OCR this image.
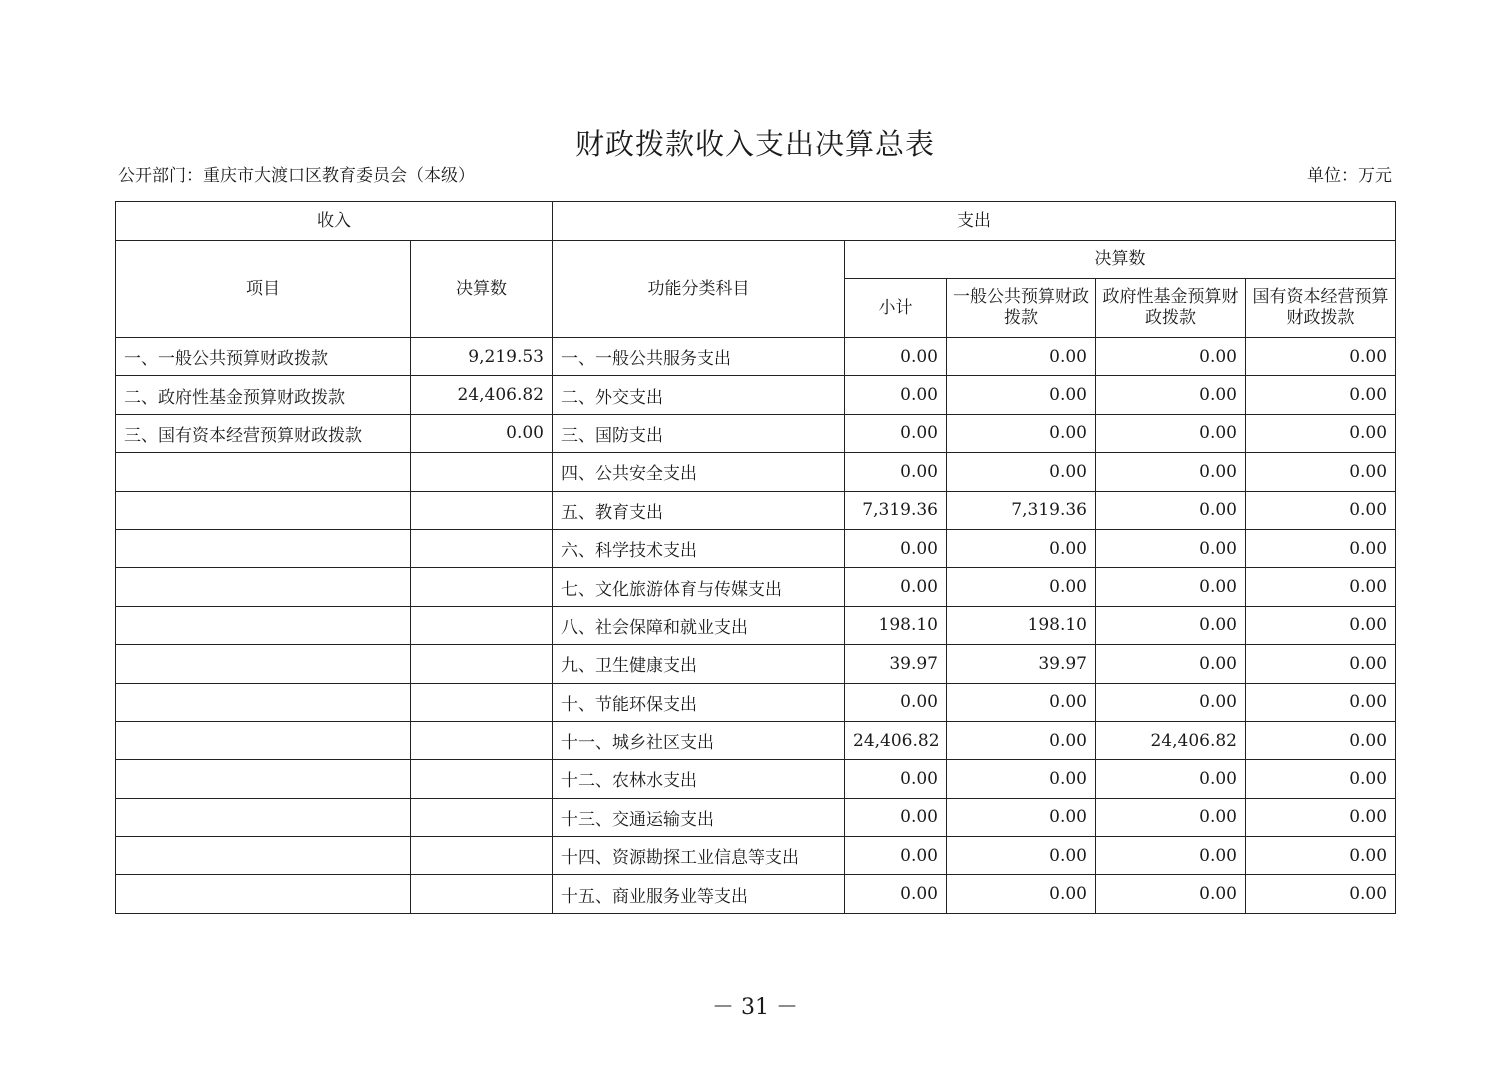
财政拨款收入支出决算总表
公开部门：重庆市大渡口区教育委员会（本级）	单位：万元
收入		支出				
项目	决算数	功能分类科目	决算数			
			小计	一般公共预算财政拨款	政府性基金预算财政拨款	国有资本经营预算财政拨款
一、一般公共预算财政拨款	9,219.53	一、一般公共服务支出	0.00	0.00	0.00	0.00
二、政府性基金预算财政拨款	24,406.82	二、外交支出	0.00	0.00	0.00	0.00
三、国有资本经营预算财政拨款	0.00	三、国防支出	0.00	0.00	0.00	0.00
		四、公共安全支出	0.00	0.00	0.00	0.00
		五、教育支出	7,319.36	7,319.36	0.00	0.00
		六、科学技术支出	0.00	0.00	0.00	0.00
		七、文化旅游体育与传媒支出	0.00	0.00	0.00	0.00
		八、社会保障和就业支出	198.10	198.10	0.00	0.00
		九、卫生健康支出	39.97	39.97	0.00	0.00
		十、节能环保支出	0.00	0.00	0.00	0.00
		十一、城乡社区支出	24,406.82	0.00	24,406.82	0.00
		十二、农林水支出	0.00	0.00	0.00	0.00
		十三、交通运输支出	0.00	0.00	0.00	0.00
		十四、资源勘探工业信息等支出	0.00	0.00	0.00	0.00
		十五、商业服务业等支出	0.00	0.00	0.00	0.00
－ 31 －
